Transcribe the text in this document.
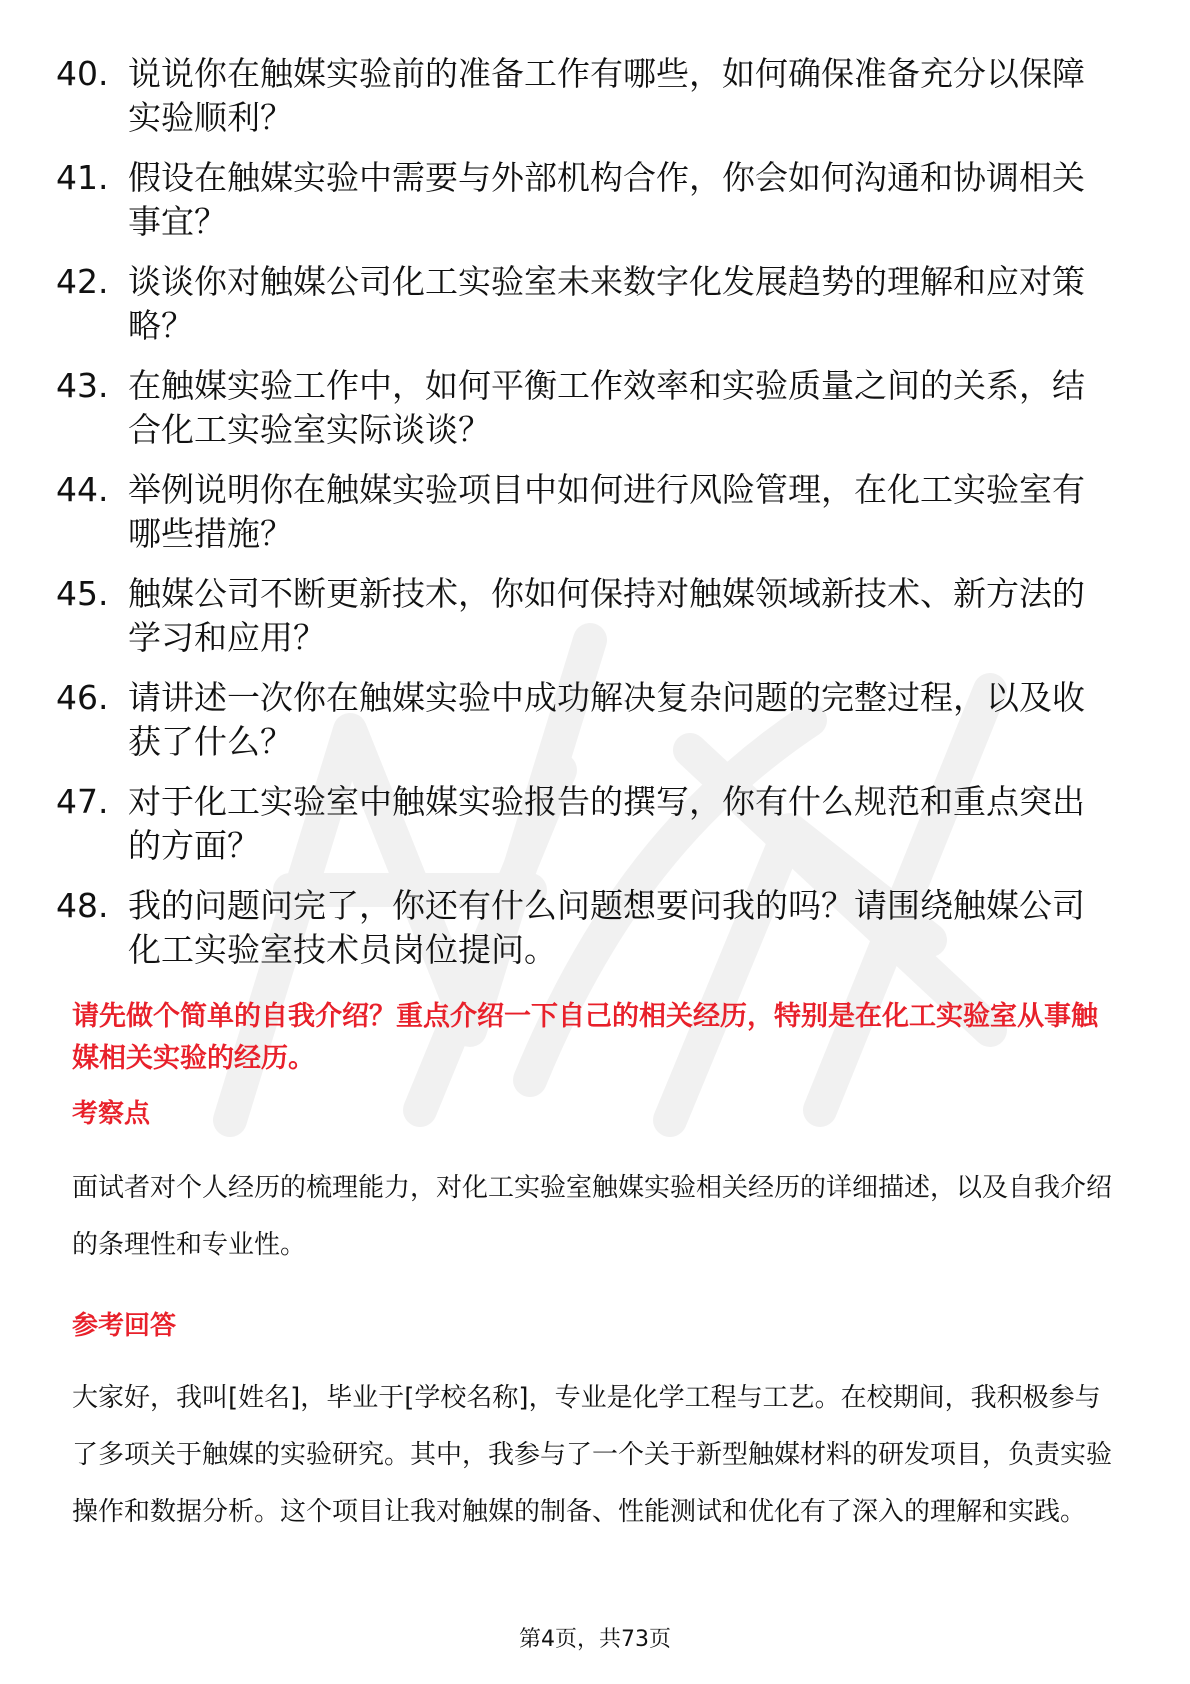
40. 说说你在触媒实验前的准备工作有哪些，如何确保准备充分以保障实验顺利？
41. 假设在触媒实验中需要与外部机构合作，你会如何沟通和协调相关事宜？
42. 谈谈你对触媒公司化工实验室未来数字化发展趋势的理解和应对策略？
43. 在触媒实验工作中，如何平衡工作效率和实验质量之间的关系，结合化工实验室实际谈谈？
44. 举例说明你在触媒实验项目中如何进行风险管理，在化工实验室有哪些措施？
45. 触媒公司不断更新技术，你如何保持对触媒领域新技术、新方法的学习和应用？
46. 请讲述一次你在触媒实验中成功解决复杂问题的完整过程，以及收获了什么？
47. 对于化工实验室中触媒实验报告的撰写，你有什么规范和重点突出的方面？
48. 我的问题问完了，你还有什么问题想要问我的吗？请围绕触媒公司化工实验室技术员岗位提问。
请先做个简单的自我介绍？重点介绍一下自己的相关经历，特别是在化工实验室从事触媒相关实验的经历。
考察点
面试者对个人经历的梳理能力，对化工实验室触媒实验相关经历的详细描述，以及自我介绍的条理性和专业性。
参考回答
大家好，我叫[姓名]，毕业于[学校名称]，专业是化学工程与工艺。在校期间，我积极参与了多项关于触媒的实验研究。其中，我参与了一个关于新型触媒材料的研发项目，负责实验操作和数据分析。这个项目让我对触媒的制备、性能测试和优化有了深入的理解和实践。
第4页，共73页
